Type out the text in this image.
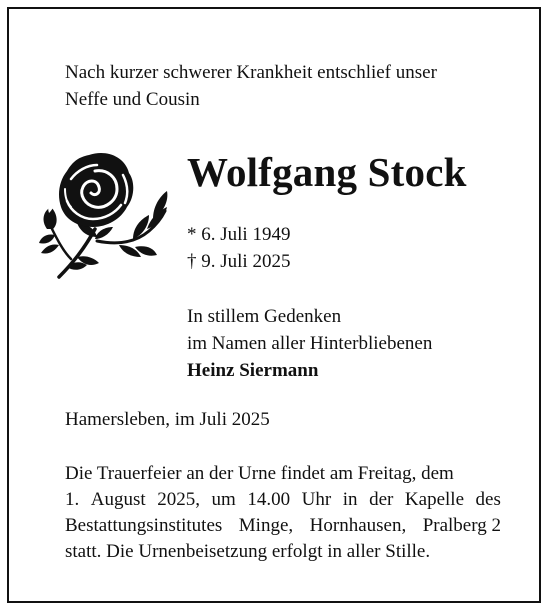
Nach kurzer schwerer Krankheit entschlief unser
Neffe und Cousin

Wolfgang Stock
* 6. Juli 1949
† 9. Juli 2025
In stillem Gedenken
im Namen aller Hinterbliebenen
Heinz Siermann
Hamersleben, im Juli 2025
Die Trauerfeier an der Urne findet am Freitag, dem
1. August 2025, um 14.00 Uhr in der Kapelle des
Bestattungsinstitutes Minge, Hornhausen, Pralberg 2
statt. Die Urnenbeisetzung erfolgt in aller Stille.
